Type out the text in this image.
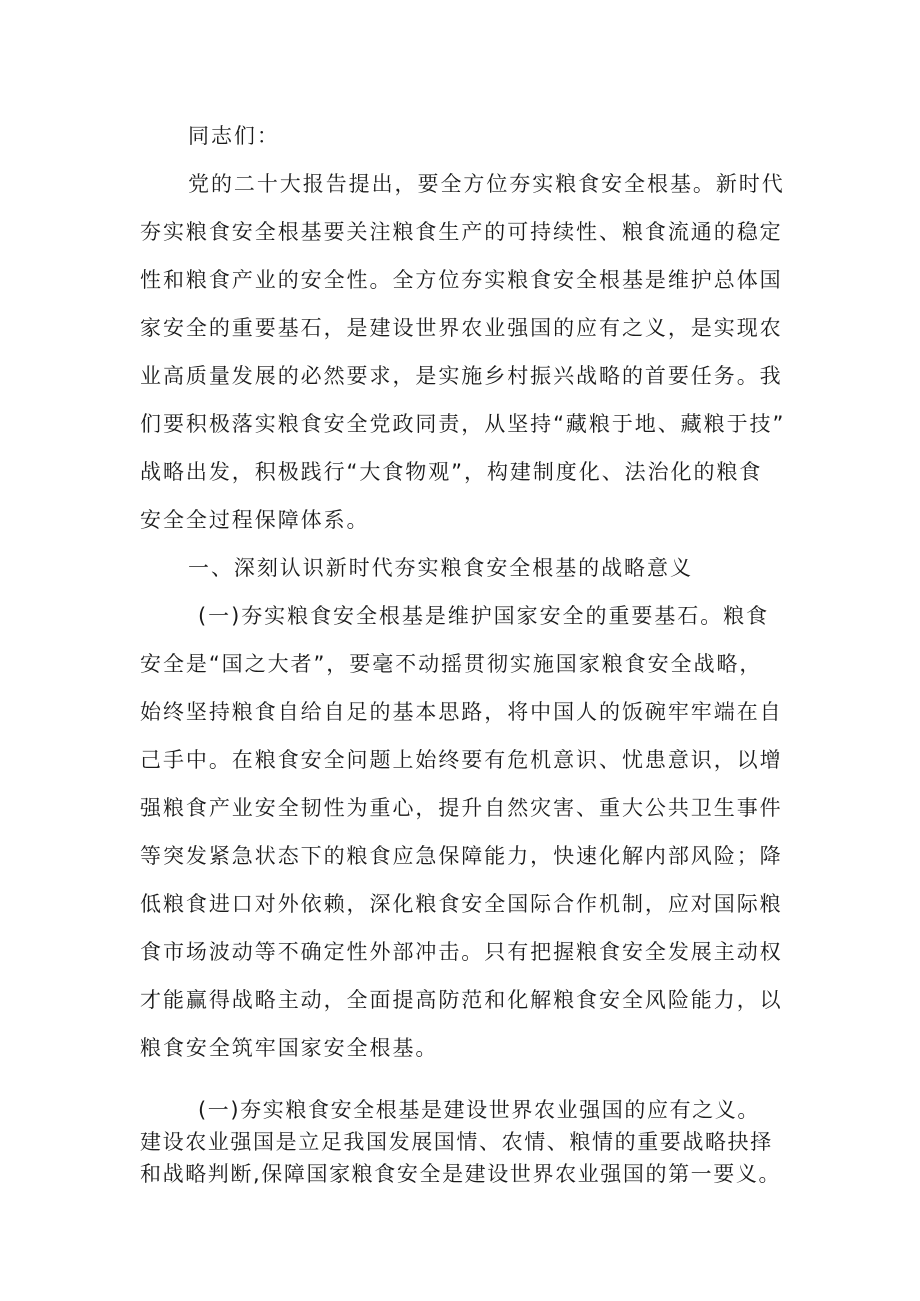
同志们：
党的二十大报告提出，要全方位夯实粮食安全根基。新时代
夯实粮食安全根基要关注粮食生产的可持续性、粮食流通的稳定
性和粮食产业的安全性。全方位夯实粮食安全根基是维护总体国
家安全的重要基石，是建设世界农业强国的应有之义，是实现农
业高质量发展的必然要求，是实施乡村振兴战略的首要任务。我
们要积极落实粮食安全党政同责，从坚持“藏粮于地、藏粮于技”
战略出发，积极践行“大食物观”，构建制度化、法治化的粮食
安全全过程保障体系。
一、深刻认识新时代夯实粮食安全根基的战略意义
(一)夯实粮食安全根基是维护国家安全的重要基石。粮食
安全是“国之大者”，要毫不动摇贯彻实施国家粮食安全战略，
始终坚持粮食自给自足的基本思路，将中国人的饭碗牢牢端在自
己手中。在粮食安全问题上始终要有危机意识、忧患意识，以增
强粮食产业安全韧性为重心，提升自然灾害、重大公共卫生事件
等突发紧急状态下的粮食应急保障能力，快速化解内部风险；降
低粮食进口对外依赖，深化粮食安全国际合作机制，应对国际粮
食市场波动等不确定性外部冲击。只有把握粮食安全发展主动权
才能赢得战略主动，全面提高防范和化解粮食安全风险能力，以
粮食安全筑牢国家安全根基。
(一)夯实粮食安全根基是建设世界农业强国的应有之义。
建设农业强国是立足我国发展国情、农情、粮情的重要战略抉择
和战略判断,保障国家粮食安全是建设世界农业强国的第一要义。
